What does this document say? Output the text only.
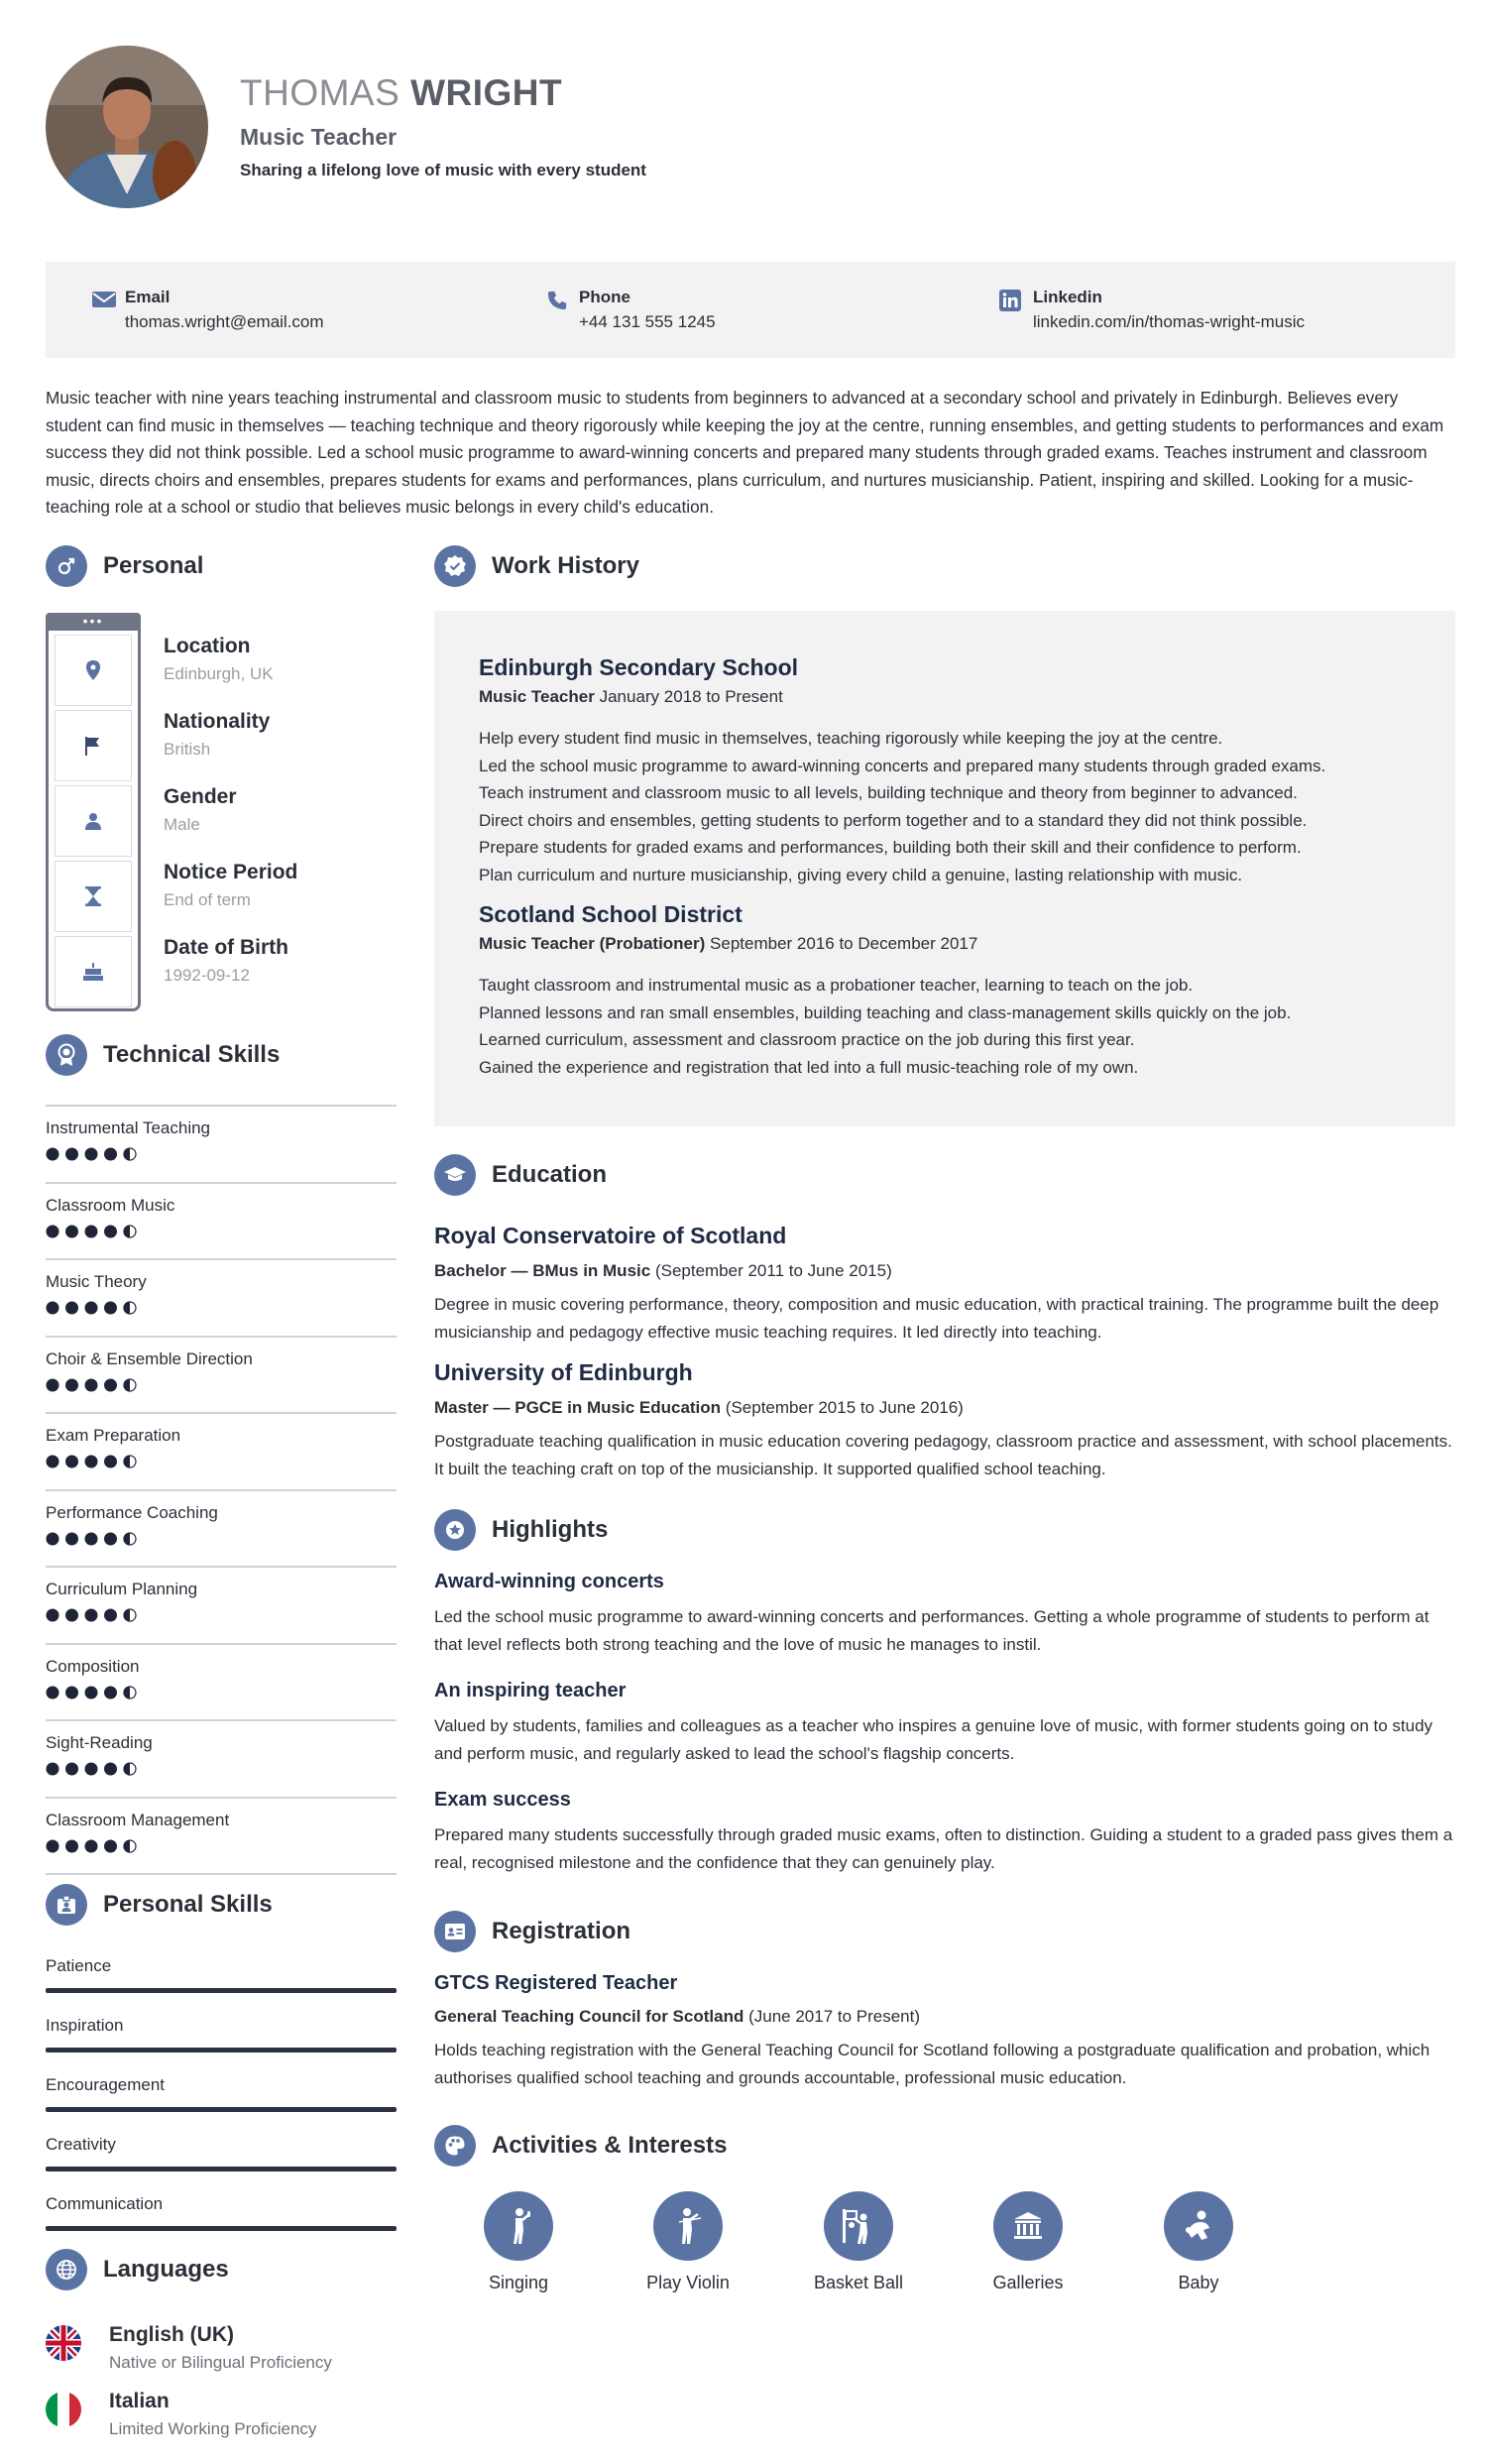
THOMAS WRIGHT
Music Teacher
Sharing a lifelong love of music with every student
Email
thomas.wright@email.com
Phone
+44 131 555 1245
Linkedin
linkedin.com/in/thomas-wright-music
Music teacher with nine years teaching instrumental and classroom music to students from beginners to advanced at a secondary school and privately in Edinburgh. Believes every student can find music in themselves — teaching technique and theory rigorously while keeping the joy at the centre, running ensembles, and getting students to performances and exam success they did not think possible. Led a school music programme to award-winning concerts and prepared many students through graded exams. Teaches instrument and classroom music, directs choirs and ensembles, prepares students for exams and performances, plans curriculum, and nurtures musicianship. Patient, inspiring and skilled. Looking for a music-teaching role at a school or studio that believes music belongs in every child's education.
Personal
•••
Location
Edinburgh, UK
Nationality
British
Gender
Male
Notice Period
End of term
Date of Birth
1992-09-12
Technical Skills
Instrumental Teaching
Classroom Music
Music Theory
Choir & Ensemble Direction
Exam Preparation
Performance Coaching
Curriculum Planning
Composition
Sight-Reading
Classroom Management
Personal Skills
Patience
Inspiration
Encouragement
Creativity
Communication
Languages
English (UK)
Native or Bilingual Proficiency
Italian
Limited Working Proficiency
Work History
Edinburgh Secondary School
Music Teacher January 2018 to Present
Help every student find music in themselves, teaching rigorously while keeping the joy at the centre.
Led the school music programme to award-winning concerts and prepared many students through graded exams.
Teach instrument and classroom music to all levels, building technique and theory from beginner to advanced.
Direct choirs and ensembles, getting students to perform together and to a standard they did not think possible.
Prepare students for graded exams and performances, building both their skill and their confidence to perform.
Plan curriculum and nurture musicianship, giving every child a genuine, lasting relationship with music.
Scotland School District
Music Teacher (Probationer) September 2016 to December 2017
Taught classroom and instrumental music as a probationer teacher, learning to teach on the job.
Planned lessons and ran small ensembles, building teaching and class-management skills quickly on the job.
Learned curriculum, assessment and classroom practice on the job during this first year.
Gained the experience and registration that led into a full music-teaching role of my own.
Education
Royal Conservatoire of Scotland
Bachelor — BMus in Music (September 2011 to June 2015)
Degree in music covering performance, theory, composition and music education, with practical training. The programme built the deep musicianship and pedagogy effective music teaching requires. It led directly into teaching.
University of Edinburgh
Master — PGCE in Music Education (September 2015 to June 2016)
Postgraduate teaching qualification in music education covering pedagogy, classroom practice and assessment, with school placements. It built the teaching craft on top of the musicianship. It supported qualified school teaching.
Highlights
Award-winning concerts
Led the school music programme to award-winning concerts and performances. Getting a whole programme of students to perform at that level reflects both strong teaching and the love of music he manages to instil.
An inspiring teacher
Valued by students, families and colleagues as a teacher who inspires a genuine love of music, with former students going on to study and perform music, and regularly asked to lead the school's flagship concerts.
Exam success
Prepared many students successfully through graded music exams, often to distinction. Guiding a student to a graded pass gives them a real, recognised milestone and the confidence that they can genuinely play.
Registration
GTCS Registered Teacher
General Teaching Council for Scotland (June 2017 to Present)
Holds teaching registration with the General Teaching Council for Scotland following a postgraduate qualification and probation, which authorises qualified school teaching and grounds accountable, professional music education.
Activities & Interests
Singing	Play Violin	Basket Ball	Galleries	Baby
